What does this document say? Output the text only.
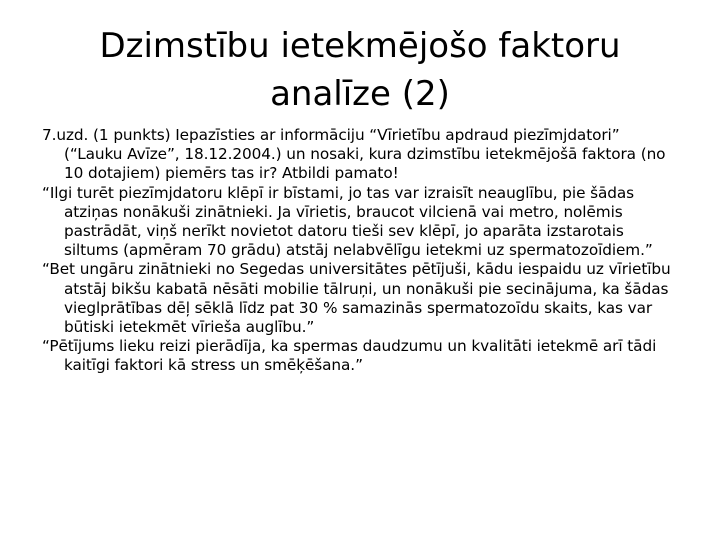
Dzimstību ietekmējošo faktoru
analīze (2)

7.uzd. (1 punkts) Iepazīsties ar informāciju “Vīrietību apdraud piezīmjdatori” (“Lauku Avīze”, 18.12.2004.) un nosaki, kura dzimstību ietekmējošā faktora (no 10 dotajiem) piemērs tas ir? Atbildi pamato!

“Ilgi turēt piezīmjdatoru klēpī ir bīstami, jo tas var izraisīt neauglību, pie šādas atziņas nonākuši zinātnieki. Ja vīrietis, braucot vilcienā vai metro, nolēmis pastrādāt, viņš nerīkt novietot datoru tieši sev klēpī, jo aparāta izstarotais siltums (apmēram 70 grādu) atstāj nelabvēlīgu ietekmi uz spermatozoīdiem.”

“Bet ungāru zinātnieki no Segedas universitātes pētījuši, kādu iespaidu uz vīrietību atstāj bikšu kabatā nēsāti mobilie tālruņi, un nonākuši pie secinājuma, ka šādas vieglprātības dēļ sēklā līdz pat 30 % samazinās spermatozoīdu skaits, kas var būtiski ietekmēt vīrieša auglību.”

“Pētījums lieku reizi pierādīja, ka spermas daudzumu un kvalitāti ietekmē arī tādi kaitīgi faktori kā stress un smēķēšana.”
